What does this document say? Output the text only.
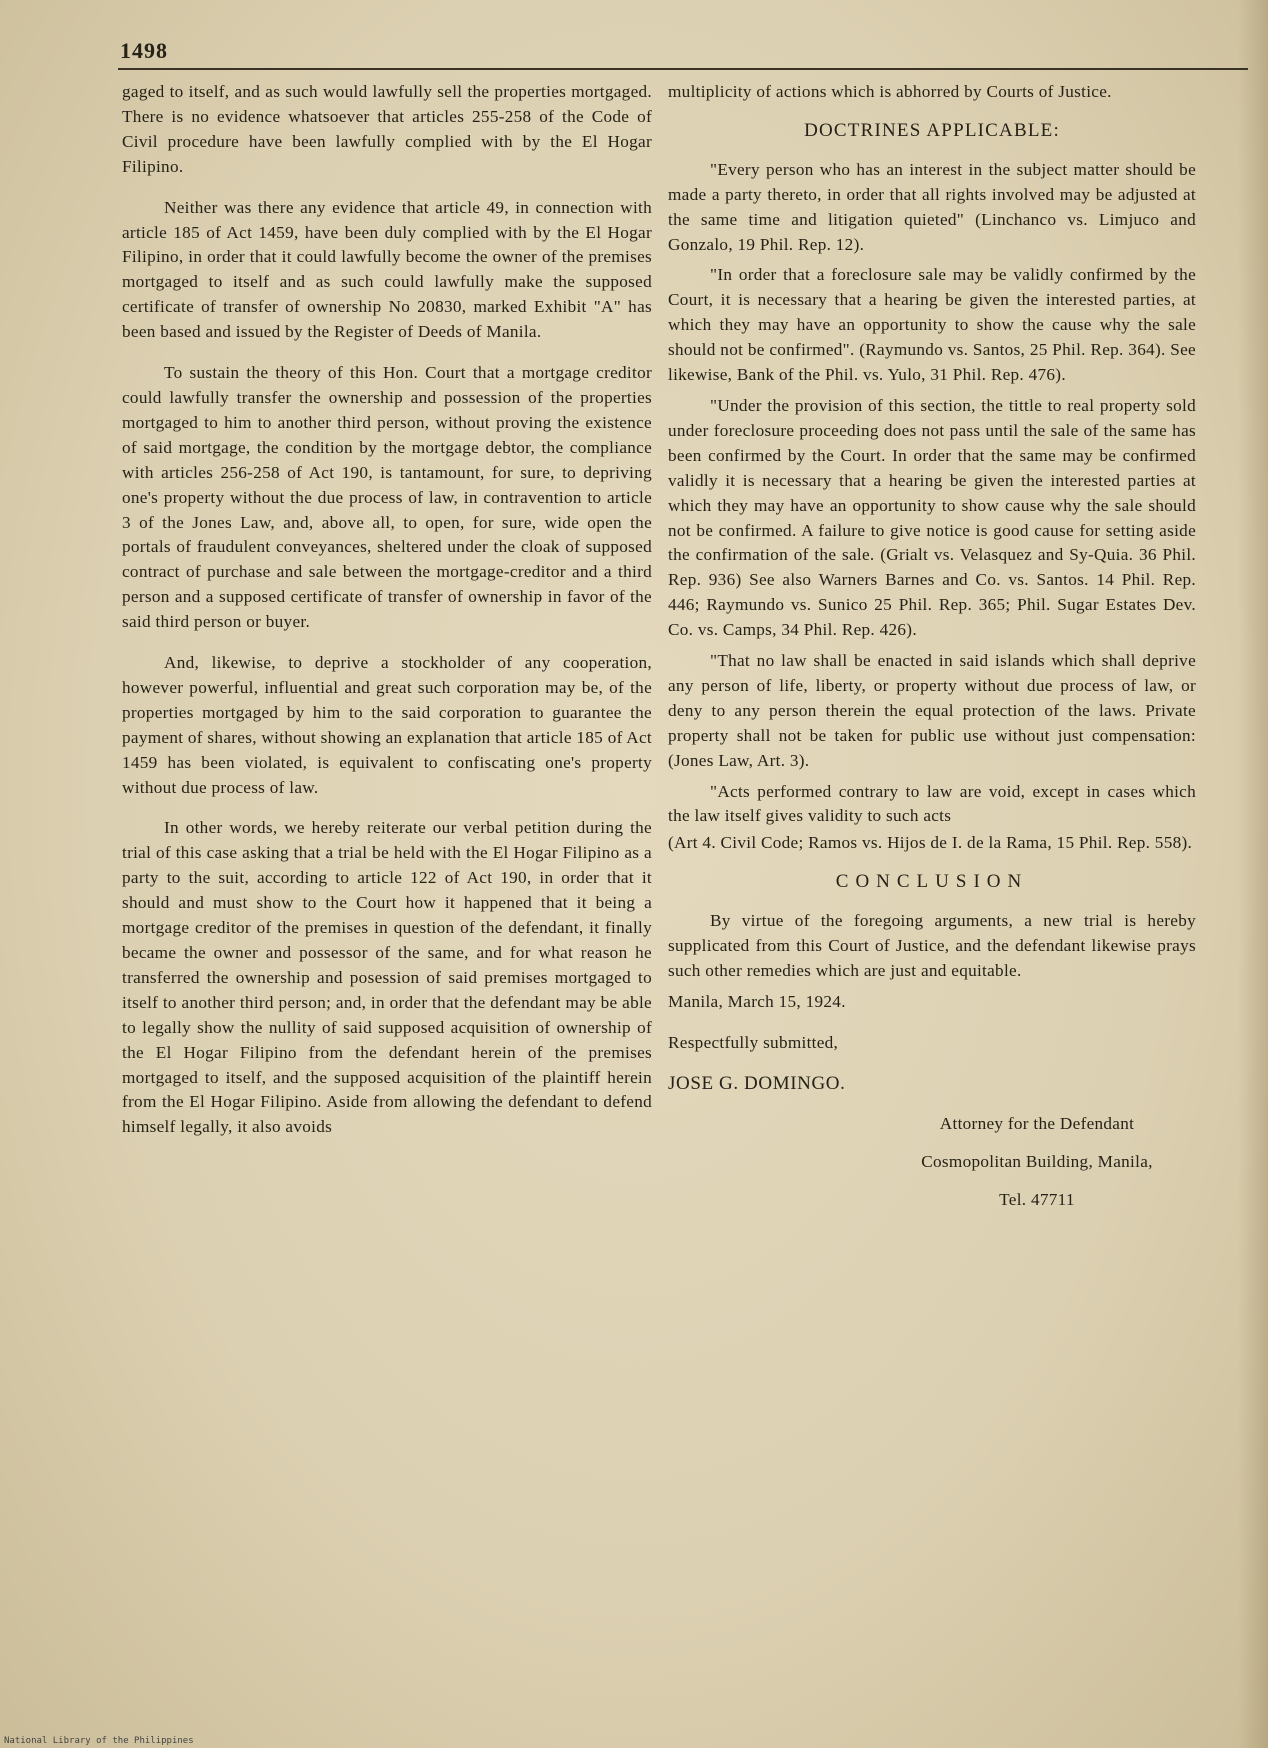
1498

gaged to itself, and as such would lawfully sell the properties mortgaged. There is no evidence whatsoever that articles 255-258 of the Code of Civil procedure have been lawfully complied with by the El Hogar Filipino.

Neither was there any evidence that article 49, in connection with article 185 of Act 1459, have been duly complied with by the El Hogar Filipino, in order that it could lawfully become the owner of the premises mortgaged to itself and as such could lawfully make the supposed certificate of transfer of ownership No 20830, marked Exhibit "A" has been based and issued by the Register of Deeds of Manila.

To sustain the theory of this Hon. Court that a mortgage creditor could lawfully transfer the ownership and possession of the properties mortgaged to him to another third person, without proving the existence of said mortgage, the condition by the mortgage debtor, the compliance with articles 256-258 of Act 190, is tantamount, for sure, to depriving one's property without the due process of law, in contravention to article 3 of the Jones Law, and, above all, to open, for sure, wide open the portals of fraudulent conveyances, sheltered under the cloak of supposed contract of purchase and sale between the mortgage-creditor and a third person and a supposed certificate of transfer of ownership in favor of the said third person or buyer.

And, likewise, to deprive a stockholder of any cooperation, however powerful, influential and great such corporation may be, of the properties mortgaged by him to the said corporation to guarantee the payment of shares, without showing an explanation that article 185 of Act 1459 has been violated, is equivalent to confiscating one's property without due process of law.

In other words, we hereby reiterate our verbal petition during the trial of this case asking that a trial be held with the El Hogar Filipino as a party to the suit, according to article 122 of Act 190, in order that it should and must show to the Court how it happened that it being a mortgage creditor of the premises in question of the defendant, it finally became the owner and possessor of the same, and for what reason he transferred the ownership and posession of said premises mortgaged to itself to another third person; and, in order that the defendant may be able to legally show the nullity of said supposed acquisition of ownership of the El Hogar Filipino from the defendant herein of the premises mortgaged to itself, and the supposed acquisition of the plaintiff herein from the El Hogar Filipino. Aside from allowing the defendant to defend himself legally, it also avoids

multiplicity of actions which is abhorred by Courts of Justice.

DOCTRINES APPLICABLE:

"Every person who has an interest in the subject matter should be made a party thereto, in order that all rights involved may be adjusted at the same time and litigation quieted" (Linchanco vs. Limjuco and Gonzalo, 19 Phil. Rep. 12).

"In order that a foreclosure sale may be validly confirmed by the Court, it is necessary that a hearing be given the interested parties, at which they may have an opportunity to show the cause why the sale should not be confirmed". (Raymundo vs. Santos, 25 Phil. Rep. 364). See likewise, Bank of the Phil. vs. Yulo, 31 Phil. Rep. 476).

"Under the provision of this section, the tittle to real property sold under foreclosure proceeding does not pass until the sale of the same has been confirmed by the Court. In order that the same may be confirmed validly it is necessary that a hearing be given the interested parties at which they may have an opportunity to show cause why the sale should not be confirmed. A failure to give notice is good cause for setting aside the confirmation of the sale. (Grialt vs. Velasquez and Sy-Quia. 36 Phil. Rep. 936) See also Warners Barnes and Co. vs. Santos. 14 Phil. Rep. 446; Raymundo vs. Sunico 25 Phil. Rep. 365; Phil. Sugar Estates Dev. Co. vs. Camps, 34 Phil. Rep. 426).

"That no law shall be enacted in said islands which shall deprive any person of life, liberty, or property without due process of law, or deny to any person therein the equal protection of the laws. Private property shall not be taken for public use without just compensation: (Jones Law, Art. 3).

"Acts performed contrary to law are void, except in cases which the law itself gives validity to such acts

(Art 4. Civil Code; Ramos vs. Hijos de I. de la Rama, 15 Phil. Rep. 558).

CONCLUSION

By virtue of the foregoing arguments, a new trial is hereby supplicated from this Court of Justice, and the defendant likewise prays such other remedies which are just and equitable.

Manila, March 15, 1924.

Respectfully submitted,

JOSE G. DOMINGO.

Attorney for the Defendant

Cosmopolitan Building, Manila,

Tel. 47711

National Library of the Philippines
